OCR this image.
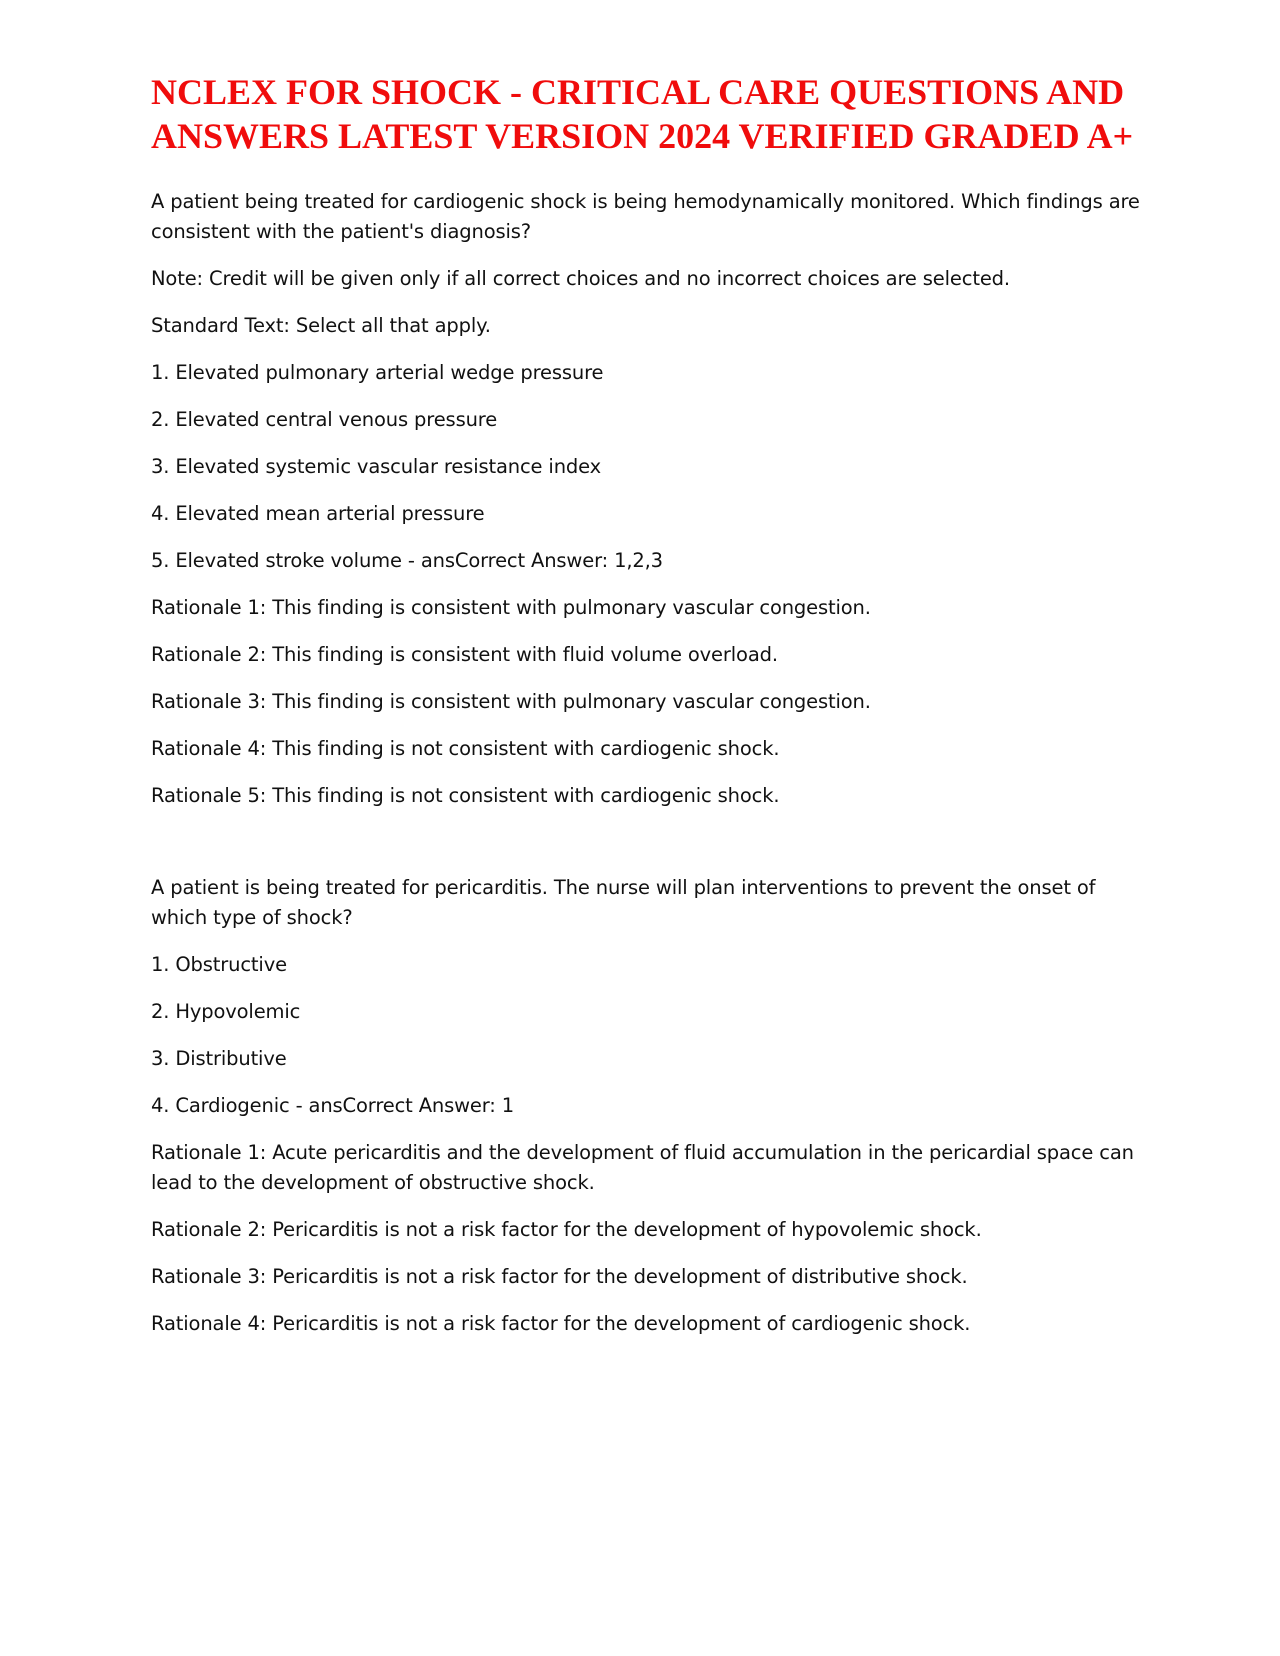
NCLEX FOR SHOCK - CRITICAL CARE QUESTIONS AND ANSWERS LATEST VERSION 2024 VERIFIED GRADED A+

A patient being treated for cardiogenic shock is being hemodynamically monitored. Which findings are consistent with the patient's diagnosis?

Note: Credit will be given only if all correct choices and no incorrect choices are selected.

Standard Text: Select all that apply.

1. Elevated pulmonary arterial wedge pressure

2. Elevated central venous pressure

3. Elevated systemic vascular resistance index

4. Elevated mean arterial pressure

5. Elevated stroke volume - ansCorrect Answer: 1,2,3

Rationale 1: This finding is consistent with pulmonary vascular congestion.

Rationale 2: This finding is consistent with fluid volume overload.

Rationale 3: This finding is consistent with pulmonary vascular congestion.

Rationale 4: This finding is not consistent with cardiogenic shock.

Rationale 5: This finding is not consistent with cardiogenic shock.

A patient is being treated for pericarditis. The nurse will plan interventions to prevent the onset of which type of shock?

1. Obstructive

2. Hypovolemic

3. Distributive

4. Cardiogenic - ansCorrect Answer: 1

Rationale 1: Acute pericarditis and the development of fluid accumulation in the pericardial space can lead to the development of obstructive shock.

Rationale 2: Pericarditis is not a risk factor for the development of hypovolemic shock.

Rationale 3: Pericarditis is not a risk factor for the development of distributive shock.

Rationale 4: Pericarditis is not a risk factor for the development of cardiogenic shock.
